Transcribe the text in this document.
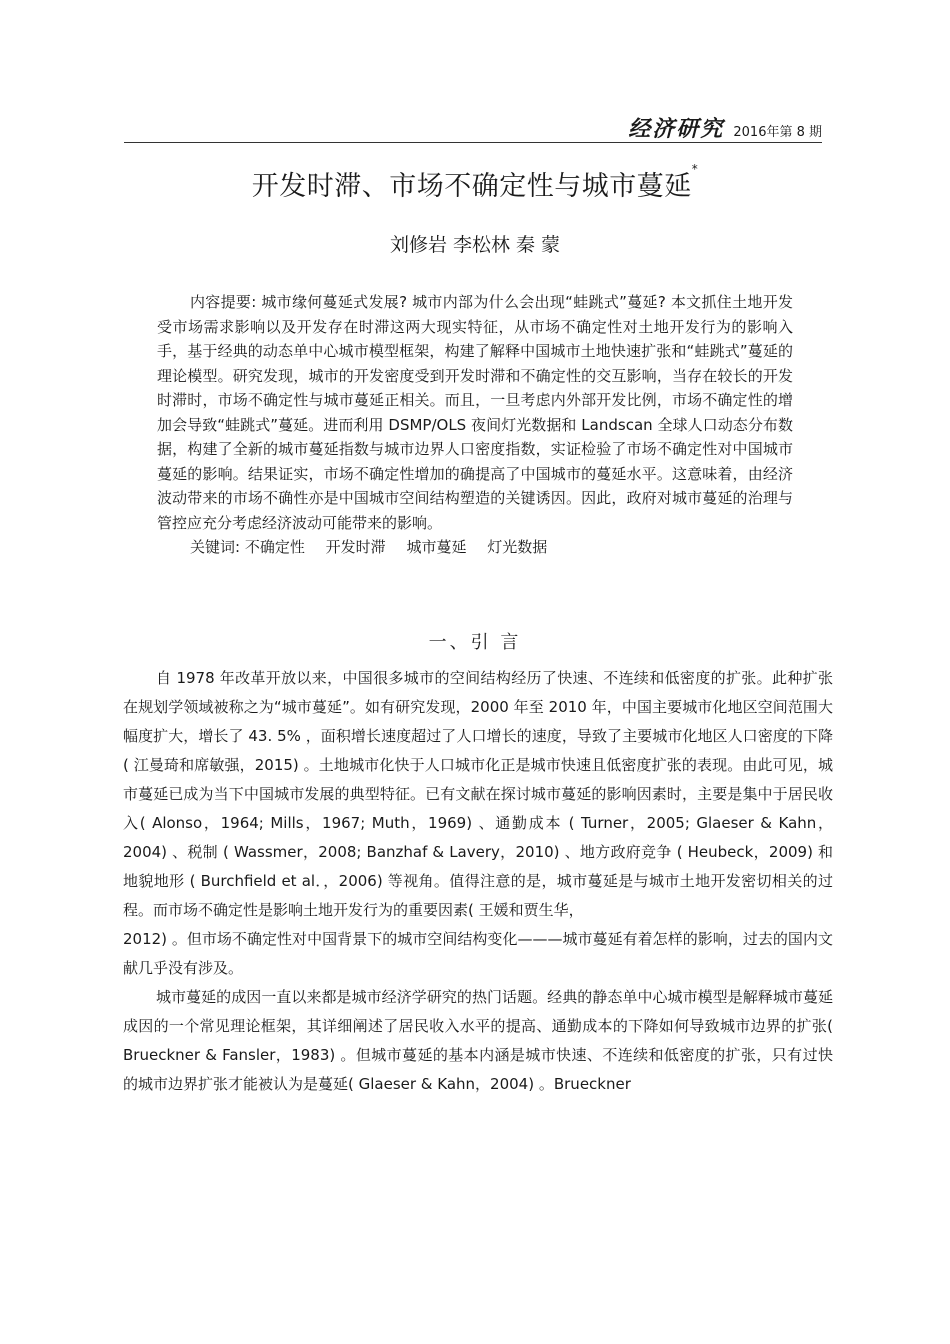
经济研究 2016年第 8 期
开发时滞、市场不确定性与城市蔓延*
刘修岩 李松林 秦 蒙

内容提要: 城市缘何蔓延式发展? 城市内部为什么会出现“蛙跳式”蔓延? 本文抓住土地开发受市场需求影响以及开发存在时滞这两大现实特征，从市场不确定性对土地开发行为的影响入手，基于经典的动态单中心城市模型框架，构建了解释中国城市土地快速扩张和“蛙跳式”蔓延的理论模型。研究发现，城市的开发密度受到开发时滞和不确定性的交互影响，当存在较长的开发时滞时，市场不确定性与城市蔓延正相关。而且，一旦考虑内外部开发比例，市场不确定性的增加会导致“蛙跳式”蔓延。进而利用 DSMP/OLS 夜间灯光数据和 Landscan 全球人口动态分布数据，构建了全新的城市蔓延指数与城市边界人口密度指数，实证检验了市场不确定性对中国城市蔓延的影响。结果证实，市场不确定性增加的确提高了中国城市的蔓延水平。这意味着，由经济波动带来的市场不确性亦是中国城市空间结构塑造的关键诱因。因此，政府对城市蔓延的治理与管控应充分考虑经济波动可能带来的影响。

关键词: 不确定性 开发时滞 城市蔓延 灯光数据
一、引 言

自 1978 年改革开放以来，中国很多城市的空间结构经历了快速、不连续和低密度的扩张。此种扩张在规划学领域被称之为“城市蔓延”。如有研究发现，2000 年至 2010 年，中国主要城市化地区空间范围大幅度扩大，增长了 43. 5% ，面积增长速度超过了人口增长的速度，导致了主要城市化地区人口密度的下降( 江曼琦和席敏强，2015) 。土地城市化快于人口城市化正是城市快速且低密度扩张的表现。由此可见，城市蔓延已成为当下中国城市发展的典型特征。已有文献在探讨城市蔓延的影响因素时，主要是集中于居民收入( Alonso，1964; Mills，1967; Muth，1969) 、通勤成本 ( Turner，2005; Glaeser & Kahn，2004) 、税制 ( Wassmer，2008; Banzhaf & Lavery，2010) 、地方政府竞争 ( Heubeck，2009) 和地貌地形 ( Burchfield et al．，2006) 等视角。值得注意的是，城市蔓延是与城市土地开发密切相关的过程。而市场不确定性是影响土地开发行为的重要因素( 王媛和贾生华，

2012) 。但市场不确定性对中国背景下的城市空间结构变化———城市蔓延有着怎样的影响，过去的国内文献几乎没有涉及。

城市蔓延的成因一直以来都是城市经济学研究的热门话题。经典的静态单中心城市模型是解释城市蔓延成因的一个常见理论框架，其详细阐述了居民收入水平的提高、通勤成本的下降如何导致城市边界的扩张( Brueckner & Fansler，1983) 。但城市蔓延的基本内涵是城市快速、不连续和低密度的扩张，只有过快的城市边界扩张才能被认为是蔓延( Glaeser & Kahn，2004) 。Brueckner
